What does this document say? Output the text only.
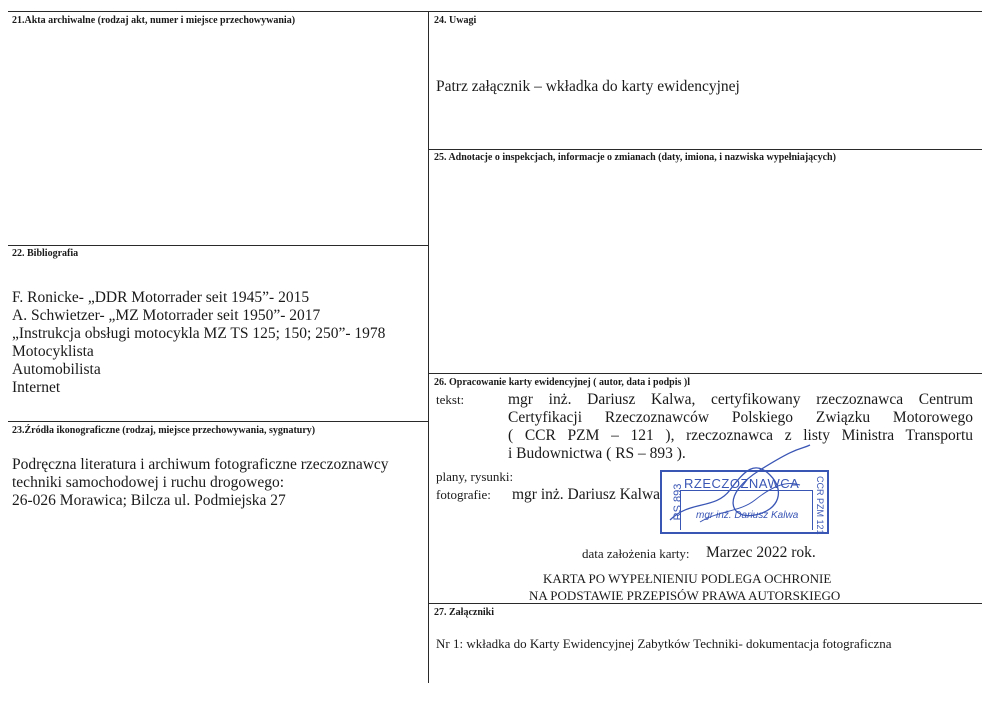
21.Akta archiwalne (rodzaj akt, numer i miejsce przechowywania)	24. Uwagi
Patrz załącznik – wkładka do karty ewidencyjnej
25. Adnotacje o inspekcjach, informacje o zmianach (daty, imiona, i nazwiska wypełniających)
22. Bibliografia
F. Ronicke- „DDR Motorrader seit 1945”- 2015
A. Schwietzer- „MZ Motorrader seit 1950”- 2017
„Instrukcja obsługi motocykla MZ TS 125; 150; 250”- 1978
Motocyklista
Automobilista
Internet
23.Źródła ikonograficzne (rodzaj, miejsce przechowywania, sygnatury)
Podręczna literatura i archiwum fotograficzne rzeczoznawcy
techniki samochodowej i ruchu drogowego:
26-026 Morawica; Bilcza ul. Podmiejska 27
26. Opracowanie karty ewidencyjnej ( autor, data i podpis )l
tekst:	mgr inż. Dariusz Kalwa, certyfikowany rzeczoznawca Centrum
Certyfikacji Rzeczoznawców Polskiego Związku Motorowego
( CCR PZM – 121 ), rzeczoznawca z listy Ministra Transportu
i Budownictwa ( RS – 893 ).
plany, rysunki:
fotografie: mgr inż. Dariusz Kalwa
RZECZOZNAWCA
RS 893	CCR PZM 121
mgr inż. Dariusz Kalwa
data założenia karty: Marzec 2022 rok.
KARTA PO WYPEŁNIENIU PODLEGA OCHRONIE
NA PODSTAWIE PRZEPISÓW PRAWA AUTORSKIEGO
27. Załączniki
Nr 1: wkładka do Karty Ewidencyjnej Zabytków Techniki- dokumentacja fotograficzna
